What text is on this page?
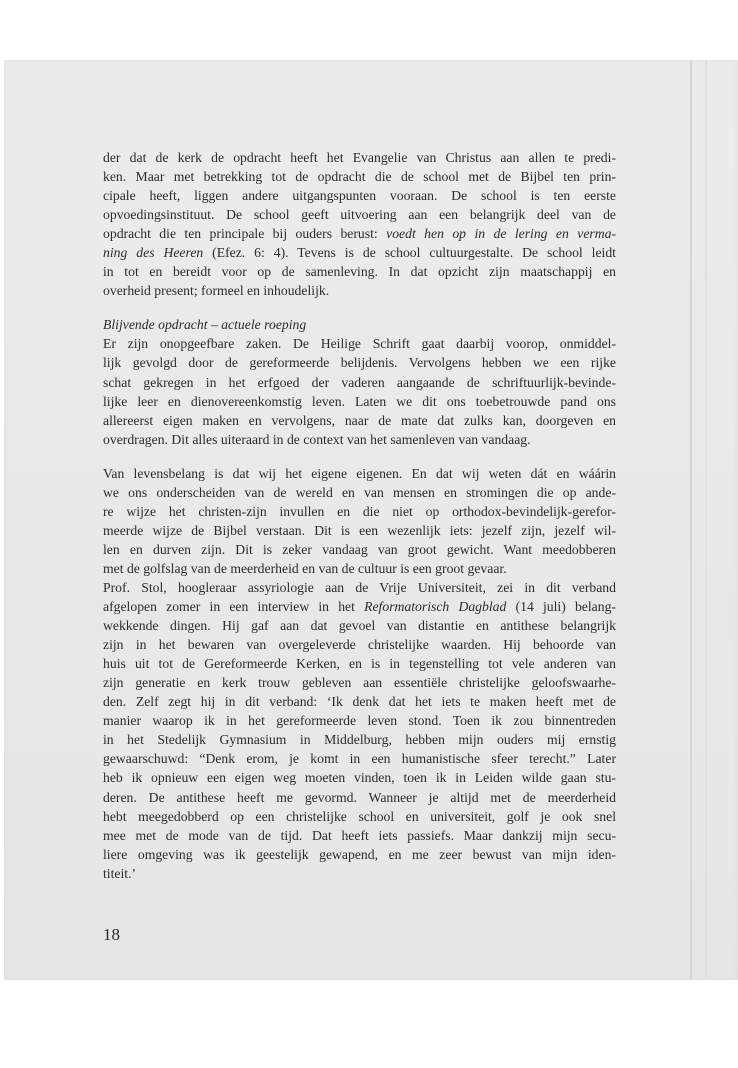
der dat de kerk de opdracht heeft het Evangelie van Christus aan allen te predi-
ken. Maar met betrekking tot de opdracht die de school met de Bijbel ten prin-
cipale heeft, liggen andere uitgangspunten vooraan. De school is ten eerste
opvoedingsinstituut. De school geeft uitvoering aan een belangrijk deel van de
opdracht die ten principale bij ouders berust: voedt hen op in de lering en verma-
ning des Heeren (Efez. 6: 4). Tevens is de school cultuurgestalte. De school leidt
in tot en bereidt voor op de samenleving. In dat opzicht zijn maatschappij en
overheid present; formeel en inhoudelijk.
Blijvende opdracht – actuele roeping
Er zijn onopgeefbare zaken. De Heilige Schrift gaat daarbij voorop, onmiddel-
lijk gevolgd door de gereformeerde belijdenis. Vervolgens hebben we een rijke
schat gekregen in het erfgoed der vaderen aangaande de schriftuurlijk-bevinde-
lijke leer en dienovereenkomstig leven. Laten we dit ons toebetrouwde pand ons
allereerst eigen maken en vervolgens, naar de mate dat zulks kan, doorgeven en
overdragen. Dit alles uiteraard in de context van het samenleven van vandaag.
Van levensbelang is dat wij het eigene eigenen. En dat wij weten dát en wáárin
we ons onderscheiden van de wereld en van mensen en stromingen die op ande-
re wijze het christen-zijn invullen en die niet op orthodox-bevindelijk-gerefor-
meerde wijze de Bijbel verstaan. Dit is een wezenlijk iets: jezelf zijn, jezelf wil-
len en durven zijn. Dit is zeker vandaag van groot gewicht. Want meedobberen
met de golfslag van de meerderheid en van de cultuur is een groot gevaar.
Prof. Stol, hoogleraar assyriologie aan de Vrije Universiteit, zei in dit verband
afgelopen zomer in een interview in het Reformatorisch Dagblad (14 juli) belang-
wekkende dingen. Hij gaf aan dat gevoel van distantie en antithese belangrijk
zijn in het bewaren van overgeleverde christelijke waarden. Hij behoorde van
huis uit tot de Gereformeerde Kerken, en is in tegenstelling tot vele anderen van
zijn generatie en kerk trouw gebleven aan essentiële christelijke geloofswaarhe-
den. Zelf zegt hij in dit verband: ‘Ik denk dat het iets te maken heeft met de
manier waarop ik in het gereformeerde leven stond. Toen ik zou binnentreden
in het Stedelijk Gymnasium in Middelburg, hebben mijn ouders mij ernstig
gewaarschuwd: “Denk erom, je komt in een humanistische sfeer terecht.” Later
heb ik opnieuw een eigen weg moeten vinden, toen ik in Leiden wilde gaan stu-
deren. De antithese heeft me gevormd. Wanneer je altijd met de meerderheid
hebt meegedobberd op een christelijke school en universiteit, golf je ook snel
mee met de mode van de tijd. Dat heeft iets passiefs. Maar dankzij mijn secu-
liere omgeving was ik geestelijk gewapend, en me zeer bewust van mijn iden-
titeit.’
18
